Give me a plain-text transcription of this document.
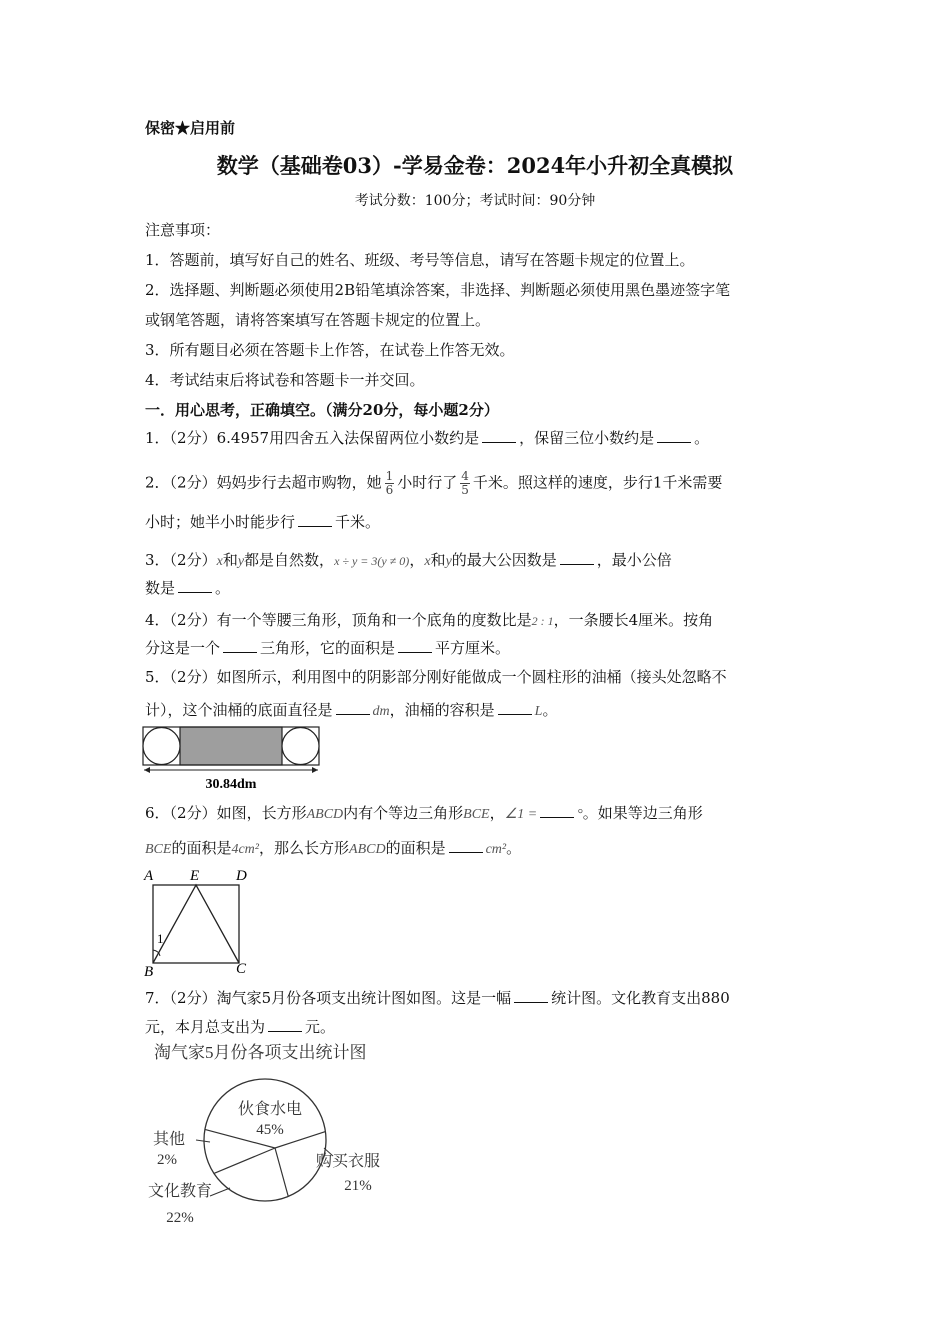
保密★启用前
数学（基础卷03）-学易金卷：2024年小升初全真模拟
考试分数：100分；考试时间：90分钟
注意事项：
1．答题前，填写好自己的姓名、班级、考号等信息，请写在答题卡规定的位置上。
2．选择题、判断题必须使用2B铅笔填涂答案，非选择、判断题必须使用黑色墨迹签字笔
或钢笔答题，请将答案填写在答题卡规定的位置上。
3．所有题目必须在答题卡上作答，在试卷上作答无效。
4．考试结束后将试卷和答题卡一并交回。
一．用心思考，正确填空。（满分20分，每小题2分）
1．（2分）6.4957用四舍五入法保留两位小数约是	，保留三位小数约是	。
2．（2分）妈妈步行去超市购物，她 $\frac{1}{6}$ 小时行了 $\frac{4}{5}$ 千米。照这样的速度，步行1千米需要
小时；她半小时能步行	千米。
3．（2分）x和y都是自然数，x ÷ y = 3(y ≠ 0)，x和y的最大公因数是	，最小公倍
数是	。
4．（2分）有一个等腰三角形，顶角和一个底角的度数比是2 : 1，一条腰长4厘米。按角
分这是一个	三角形，它的面积是	平方厘米。
5．（2分）如图所示，利用图中的阴影部分刚好能做成一个圆柱形的油桶（接头处忽略不
计），这个油桶的底面直径是	dm，油桶的容积是	L。
30.84dm
6．（2分）如图，长方形ABCD内有个等边三角形BCE，∠1 =	°。如果等边三角形
BCE的面积是4cm²，那么长方形ABCD的面积是	cm²。
A E D
B	C
1
7．（2分）淘气家5月份各项支出统计图如图。这是一幅	统计图。文化教育支出880
元，本月总支出为	元。
淘气家5月份各项支出统计图
伙食水电
45%
购买衣服
21%
文化教育
22%
其他
2%
